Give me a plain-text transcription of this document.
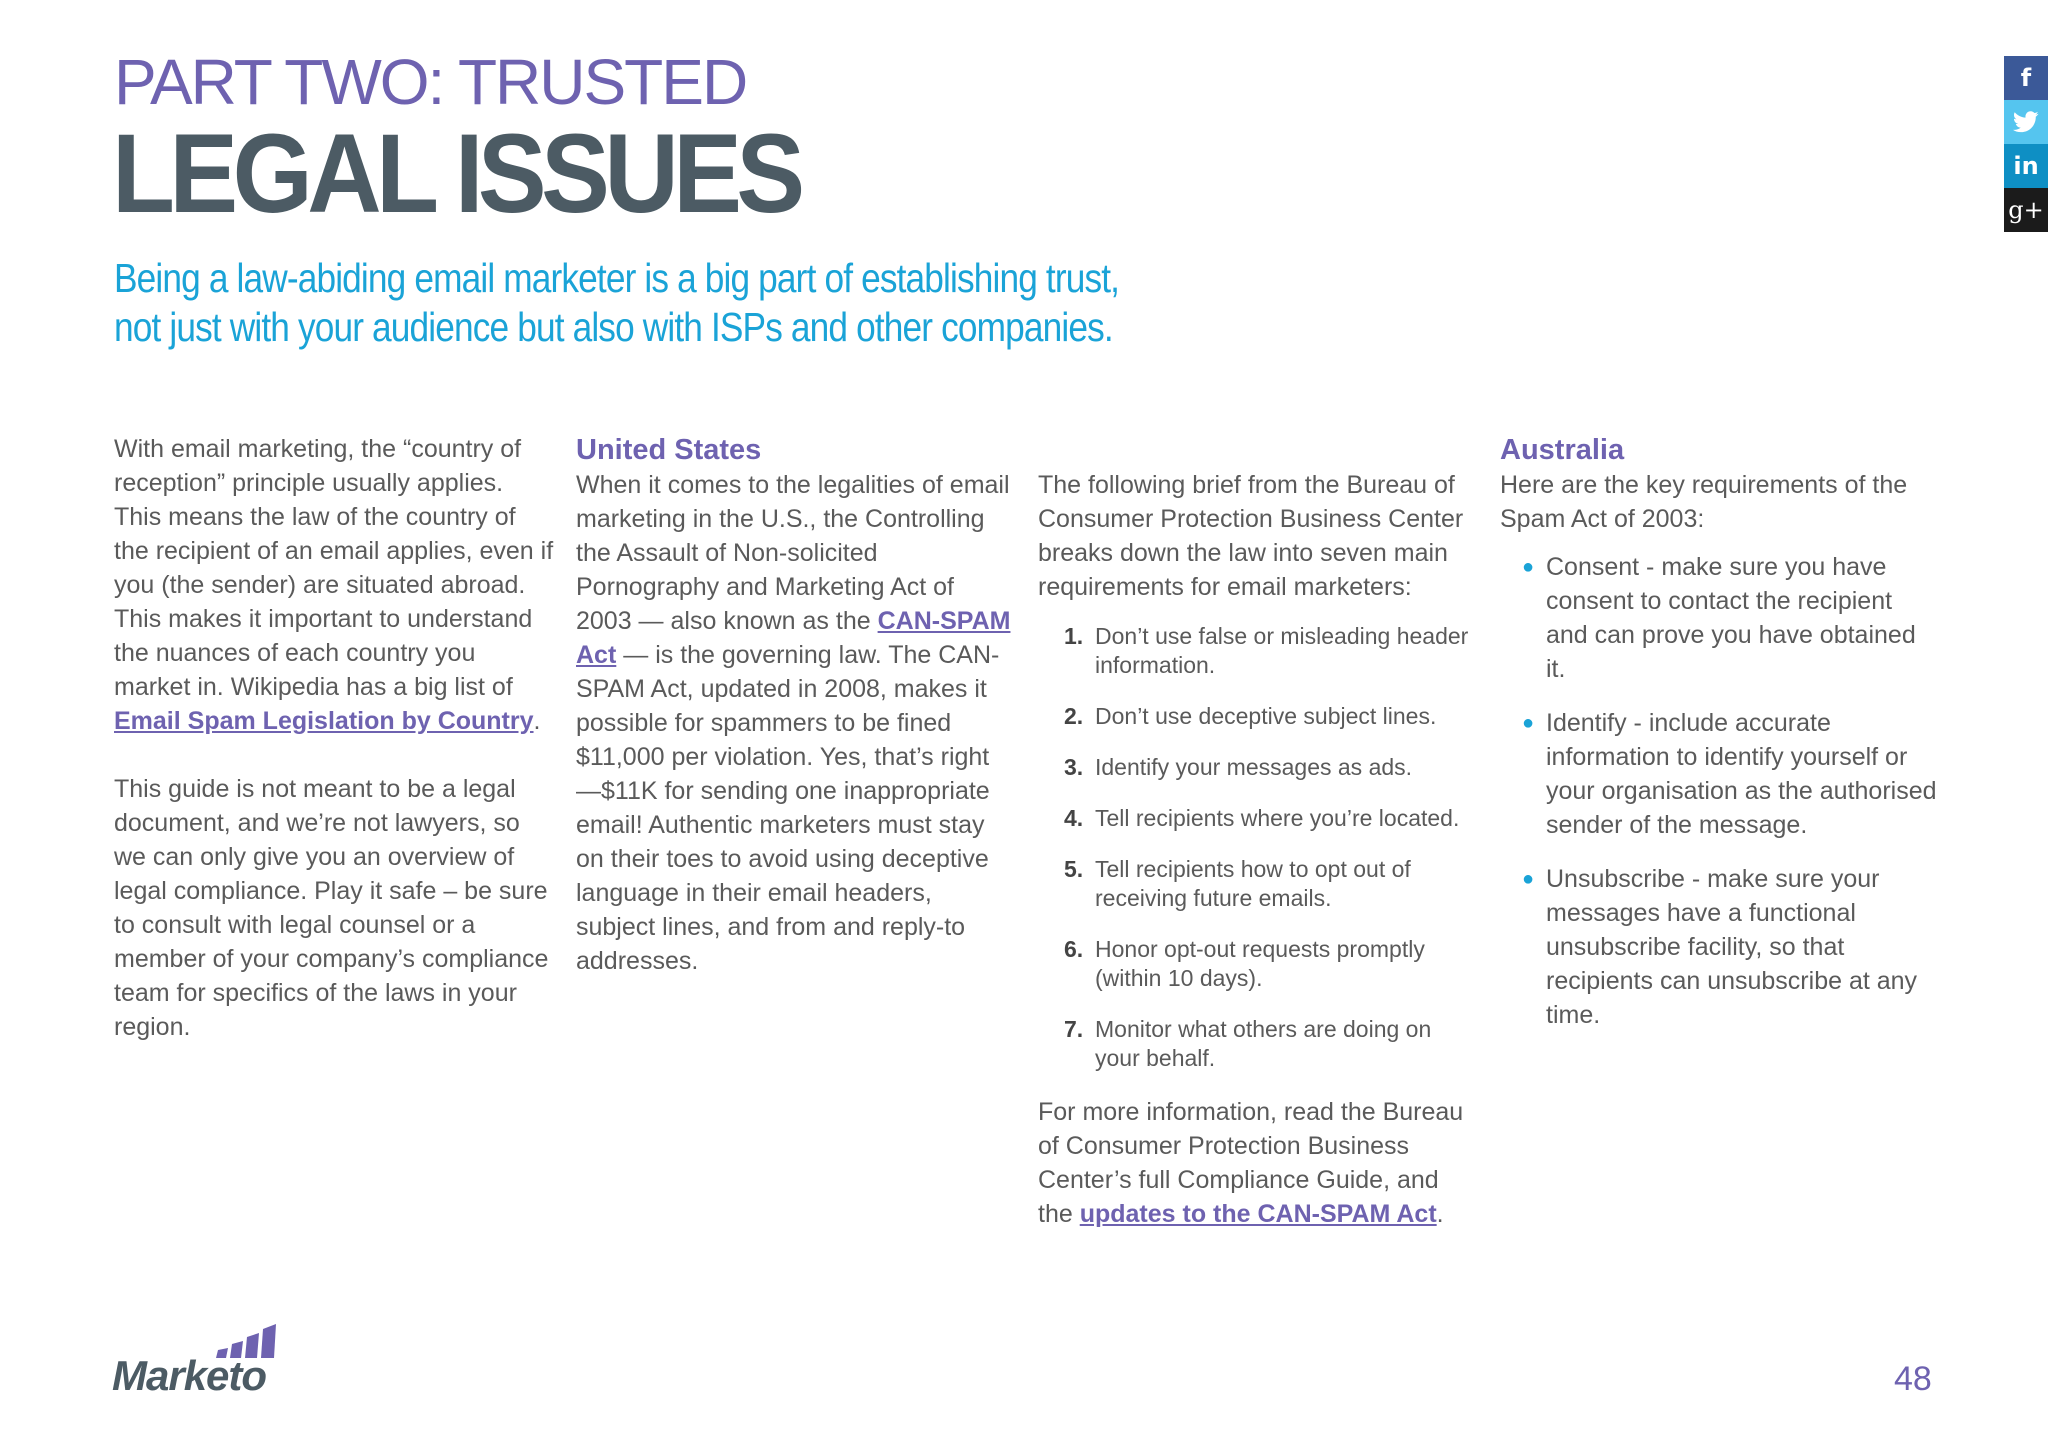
PART TWO: TRUSTED
LEGAL ISSUES

Being a law-abiding email marketer is a big part of establishing trust,
not just with your audience but also with ISPs and other companies.

With email marketing, the “country of reception” principle usually applies. This means the law of the country of the recipient of an email applies, even if you (the sender) are situated abroad. This makes it important to understand the nuances of each country you market in. Wikipedia has a big list of Email Spam Legislation by Country.

This guide is not meant to be a legal document, and we’re not lawyers, so we can only give you an overview of legal compliance. Play it safe – be sure to consult with legal counsel or a member of your company’s compliance team for specifics of the laws in your region.

United States

When it comes to the legalities of email marketing in the U.S., the Controlling the Assault of Non-solicited Pornography and Marketing Act of 2003 — also known as the CAN-SPAM Act — is the governing law. The CAN-SPAM Act, updated in 2008, makes it possible for spammers to be fined $11,000 per violation. Yes, that’s right —$11K for sending one inappropriate email! Authentic marketers must stay on their toes to avoid using deceptive language in their email headers, subject lines, and from and reply-to addresses.

The following brief from the Bureau of Consumer Protection Business Center breaks down the law into seven main requirements for email marketers:

1. Don’t use false or misleading header information.
2. Don’t use deceptive subject lines.
3. Identify your messages as ads.
4. Tell recipients where you’re located.
5. Tell recipients how to opt out of receiving future emails.
6. Honor opt-out requests promptly (within 10 days).
7. Monitor what others are doing on your behalf.

For more information, read the Bureau of Consumer Protection Business Center’s full Compliance Guide, and the updates to the CAN-SPAM Act.

Australia

Here are the key requirements of the Spam Act of 2003:

● Consent - make sure you have consent to contact the recipient and can prove you have obtained it.
● Identify - include accurate information to identify yourself or your organisation as the authorised sender of the message.
● Unsubscribe - make sure your messages have a functional unsubscribe facility, so that recipients can unsubscribe at any time.
f
in
g+
Marketo	48
